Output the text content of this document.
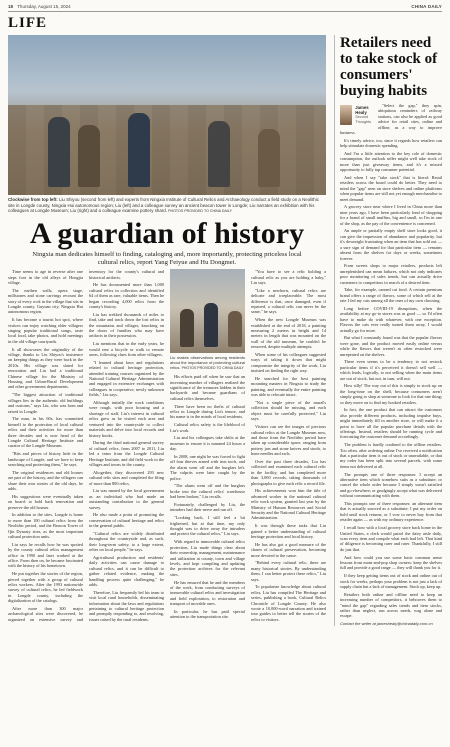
18 Thursday, August 15, 2024	CHINA DAILY
LIFE
Clockwise from top left: Liu Shiyou (second from left) and experts from Ningxia Institute of Cultural Relics and Archaeology conduct a field study on a Neolithic site in Longde county, Ningxia Hui autonomous region; Liu (left) and a colleague survey an ancient beacon tower in Longde; Liu narrates an exhibition with his colleagues at Longde Museum; Liu (right) and a colleague examine pottery shard. PHOTOS PROVIDED TO CHINA DAILY
A guardian of history
Ningxia man dedicates himself to finding, cataloging and, more importantly, protecting priceless local cultural relics, report Yang Feiyue and Hu Dongmei.

Time seems to age in reverse after one steps foot in the old alleys of Hongjia village.

The earthen walls, opera stage, millstones and stone carvings recount the story of every rock in the village that sits in Longde county, Guyuan city, Ningxia Hui autonomous region.

It has become a tourist hot spot, where visitors can enjoy watching older villagers singing popular traditional songs, taste local food, take photos, and hold meetings in the old village courtyards.

It all showcases the originality of the village, thanks to Liu Shiyou's insistence on keeping things as they were back in the 2010s. His village was slated for renovation and Liu had a traditional Chinese village for the Ministry of Housing and Urban-Rural Development and other government departments.

"The biggest attraction of traditional villages lies in the authentic old buildings and customs," says Liu, who was born and raised in Longde.

The man, in his 60s, has committed himself to the protection of local cultural relics and their activities for more than three decades and is now head of the Longde Cultural Heritage Institute and curator of the Longde Museum.

"Bits and pieces of history hide in the landscape of Longde, and we have to keep searching and protecting them," he says.

The original residences and old houses are part of the history, and the villagers can share their own stories of the old days, he adds.

His suggestions were eventually taken on board: to hold back renovation and preserve the old houses.

In addition to the sites, Longde is home to more than 100 cultural relics from the Neolithic period, and the Beacon Tower of Qin Dynasty sites, as the most important cultural protection units.

Liu says he recalls how he was spotted by the county cultural relics management office in 1990 and later worked at the office. From then on, he became fascinated with the history of his hometown.

He put together the stories of the region, pieced together with a group of cultural relics workers. After the 1993 nationwide survey of cultural relics, he led fieldwork in Longde county, including the digitalization of the catalogs.

After more than 300 major archaeological sites were discovered, he organized an extensive survey and inventory for the county's cultural and historical artifacts.

He has documented more than 1,000 cultural relics in collection and identified 64 of them as rare, valuable items. Then he began recording 4,000 relics from the county's history.

Liu has trekked thousands of miles to find, take and track down the lost relics in the mountains and villages, knocking on the doors of families who may have artifacts in their possession.

Liu mentions that in the early years, he would rent a bicycle or walk to remote areas, following clues from other villagers.

"I learned about laws and regulations related to cultural heritage protection, attended training courses organized by the National Cultural Heritage Administration and engaged in extensive exchanges with colleagues in cooperative, newly unknown fields," Liu says.

Although initially the work conditions were rough, with poor housing and a shortage of staff, Liu's interest in cultural relics grew as he visited each area and ventured into the countryside to collect materials and delve into local records and history books.

During the third national general survey of cultural relics, from 2007 to 2011, Liu led a team from the Longde Cultural Heritage Institute, and did field work in the villages and towns in the county.

Altogether, they discovered 293 new cultural relic sites and completed the filing of more than 800 relics.

Liu was named by the local government as an individual who had made an outstanding contribution to the general survey.

He also made a point of promoting the conservation of cultural heritage and relics in the general public.

"Cultural relics are widely distributed throughout the countryside and, as such, their long-term safety, to a large extent, relies on local people," he says.

Agricultural production and residents' daily activities can cause damage to cultural relics, and it can be difficult to gather related evidence, making the handling process quite challenging," he adds.

Therefore, Liu frequently led his team to visit local rural households, disseminating information about the laws and regulations pertaining to cultural heritage protection and promptly responding to, and resolving, issues raised by the rural residents.

Liu makes observations among residents about the importance of protecting cultural relics. PHOTOS PROVIDED TO CHINA DAILY

His efforts paid off when he saw that an increasing number of villagers realized the significance of the treasures hidden in their backyards and became guardians of cultural relics themselves.

There have been no thefts of cultural relics in Longde during Liu's tenure, and his name is in the minds of local residents.

Cultural relics safety is the lifeblood of Liu's work.

Liu and his colleagues take shifts at the museum to ensure it is manned 24 hours a day.

In 2008, one night he was forced to fight off four thieves armed with iron tools, and the alarm went off and the burglars left. The culprits were later caught by the police.

"The alarm went off and the burglars broke into the cultural relics' warehouse had been broken," Liu recalls.

Fortunately, challenged by Liu, the intruders had their nerve and ran off.

"Looking back, I still feel a bit frightened, but at that time, my only thought was to drive away the intruders and protect the cultural relics," Liu says.

With regard to immovable cultural relics protection, Liu made things clear about their ownership, management, maintenance and utilization at county, town and village levels, and kept compiling and updating the protection archives for the relevant sites.

He has ensured that he and the members of the work, from conducting surveys of immovable cultural relics and investigation and field exploration, to restoration and transport of movable ones.

In particular, he has paid special attention to the transportation site.

"You have to see a relic holding a cultural relic as you are holding a baby," Liu says.

"Like a newborn, cultural relics are delicate and irreplaceable. The most difference is that, once damaged, even if repaired, a cultural relic can never be the same," he says.

When the new Longde Museum was established at the end of 2018, a painting measuring 2 meters in height and 14 meters in length that was mounted on the wall of the old museum, he couldn't be removed, despite multiple attempts.

When some of his colleagues suggested ways of taking it down that might compromise the integrity of the work, Liu insisted on finding the right way.

He searched for the best painting mounting masters in Ningxia to study the painting, and eventually the entire painting was able to relocate intact.

"Not a single piece of the mural's collection should be missing, and each object must be carefully protected," Liu says.

Visitors can see the images of precious cultural relics at the Longde Museum now, and those from the Neolithic period have taken up considerable space, ranging from pottery jars and stone knives and stools, to bone needles and awls.

Over the past three decades, Liu has collected and examined each cultural relic in the facility, and has completed more than 3,000 records, taking thousands of photographs to give each relic a record file.

His achievements won him the title of advanced worker in the national cultural relic work system, granted last year by the Ministry of Human Resources and Social Security and the National Cultural Heritage Administration.

It was through these tasks that Liu gained a better understanding of cultural heritage protection and local history.

He has also got a good measure of the charm of cultural preservation, becoming more devoted to the cause.

"Behind every cultural relic, there are many historical stories. By understanding them, I can better protect these relics," Liu says.

To popularize knowledge about cultural relics, Liu has compiled The Heritage and series, publishing a book, Cultural Relics Chronicle of Longde County. He also wrote a 10,000-word narration and trained tour guides to better tell the stories of the relics to visitors.

Retailers need to take stock of consumers' buying habits
James Healy
Second Thoughts

"Select the gap," they spin, ubiquitous reminders of railway stations, can also be applied as good advice for retail sites, online and offline, as a way to improve business.

It's timely advice, too, since it regards how retailers can help stimulate domestic spending.

And I'm a little attention to the key role of domestic consumption, the outlook seller might well take stock of more than just giveaway items, and it's a missed opportunity to fully tap consumer potential.

And when I say "take stock" that is literal: Retail retailers across the board could do better. They need to mind the "gap" seen on store shelves and online platforms when popular items are still not yet enough merchandise to meet demand.

A grocery store near where I lived in China more than nine years ago, I have been particularly fond of shopping for a brand of small muffins, big and small, so I'm in one of the shop, as the pay of the convenience is concerned.

An ample or partially empty shelf store looks good, it can give the impression of abundance and popularity, but it's downright frustrating when an item that has sold out — a sure sign of demand for that particular item — remains absent from the shelves for days or weeks, sometimes forever.

From sweets shops to major retailers, products left unreplenished can mean failures, which not only indicates poor monitoring of sales trends, but can actually drive customers to competitors in search of a desired item.

Take, for example, canned cat food. A certain premium brand offers a range of flavors, some of which sell at the rate I fed my cats among all the ones of my own choosing.

Long before COVID-19 disruptions, when the availability at my go-to stores was as good — so I'd often have to make do with whatever, with one exception. Flavors the cats ever really turned them away, I would actually go for more.

But what I constantly found was that the popular flavors were gone, and the product moved easily online versus while the flavors that weren't as often restocked were unrepeated on the shelves.

There even seems to be a tendency to not restock particular items if it's perceived it doesn't sell well — which leads, logically, to not selling when the main items are out of stock, but not, in turn, will not.

How silly! The way out of this is simply to stock up on the long-time on the shelf, because consumers aren't simply going to shop at someone to look for that one thing; so they move on to find my hooked retailers.

In fact, the one product that can attract the customers also provide different products, including impulse buys, might immediately fill in another store, or will make it a point to have all the popular purchase details with the offerings. Instead, retailers should be running cycle and forecasting the customer demand accordingly.

The problem is hardly confined to the offline retailers. Too often, after ordering online I've received a notification that a particular item is out of stock or unavailable, or that my order has been split into several parcels, with some items not delivered at all.

The prompts one of three responses: I accept an alternative item which somehow suits as a substitute; or cancel the whole order because I simply wasn't satisfied and go elsewhere; or grudgingly accept what was delivered without communicating with them.

This prompts one of three responses: an alternate item that is actually sourced as a substitute; I put my order on hold until stock returns; or I vow to never buy from that retailer again — as with my ordinary experience.

I recall how with a local grocery store back home in the United States, a clerk would patrol the dairy aisle daily, scan every item and compile what each had left. That kind of diligence is becoming rarer and rarer. Thankfully, I still do just that.

And how could you use some basic common sense lessons from mom-and-pop shop owners: keep the shelves full and provide a good range — they will thank you for it.

If they keep getting items out of stock and online out of stock for weeks, perhaps your problem is not just a lack of supply chain but a lack of management. Stock up, keep up.

Retailers both online and offline need to keep an increasing number of competitors, it behooves them to "mind the gap" regarding sales trends and item stocks, rather than neglect, run across needs, wag alone and escape.

Contact the writer at jameshealy@chinadaily.com.cn
